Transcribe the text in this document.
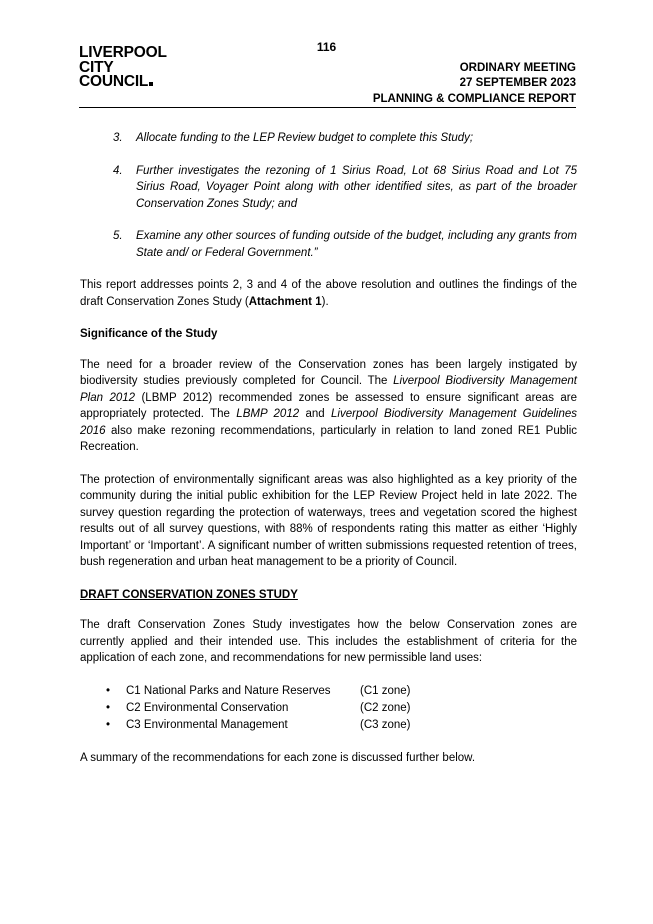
116
LIVERPOOL
CITY
COUNCIL
ORDINARY MEETING
27 SEPTEMBER 2023
PLANNING & COMPLIANCE REPORT
3. Allocate funding to the LEP Review budget to complete this Study;
4. Further investigates the rezoning of 1 Sirius Road, Lot 68 Sirius Road and Lot 75 Sirius Road, Voyager Point along with other identified sites, as part of the broader Conservation Zones Study; and
5. Examine any other sources of funding outside of the budget, including any grants from State and/ or Federal Government.”

This report addresses points 2, 3 and 4 of the above resolution and outlines the findings of the draft Conservation Zones Study (Attachment 1).

Significance of the Study

The need for a broader review of the Conservation zones has been largely instigated by biodiversity studies previously completed for Council. The Liverpool Biodiversity Management Plan 2012 (LBMP 2012) recommended zones be assessed to ensure significant areas are appropriately protected. The LBMP 2012 and Liverpool Biodiversity Management Guidelines 2016 also make rezoning recommendations, particularly in relation to land zoned RE1 Public Recreation.

The protection of environmentally significant areas was also highlighted as a key priority of the community during the initial public exhibition for the LEP Review Project held in late 2022. The survey question regarding the protection of waterways, trees and vegetation scored the highest results out of all survey questions, with 88% of respondents rating this matter as either ‘Highly Important’ or ‘Important’. A significant number of written submissions requested retention of trees, bush regeneration and urban heat management to be a priority of Council.

DRAFT CONSERVATION ZONES STUDY

The draft Conservation Zones Study investigates how the below Conservation zones are currently applied and their intended use. This includes the establishment of criteria for the application of each zone, and recommendations for new permissible land uses:

• C1 National Parks and Nature Reserves	(C1 zone)
• C2 Environmental Conservation	(C2 zone)
• C3 Environmental Management	(C3 zone)

A summary of the recommendations for each zone is discussed further below.
